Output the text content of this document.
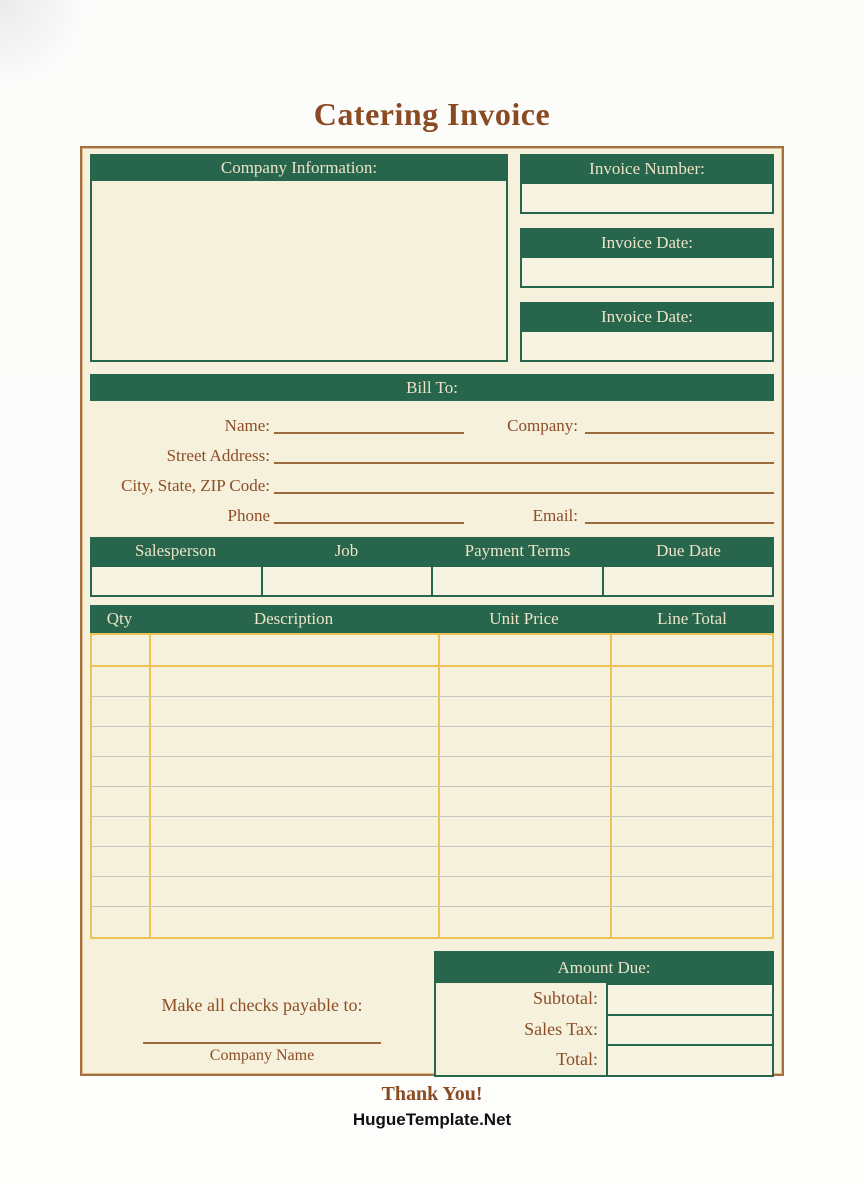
Catering Invoice
Company Information:	Invoice Number:
Invoice Date:
Invoice Date:
Bill To:
Name:	Company:
Street Address:
City, State, ZIP Code:
Phone	Email:
Salesperson	Job	Payment Terms	Due Date
Qty	Description	Unit Price	Line Total
Make all checks payable to:
Company Name
Amount Due:
Subtotal:
Sales Tax:
Total:
Thank You!
HugueTemplate.Net
